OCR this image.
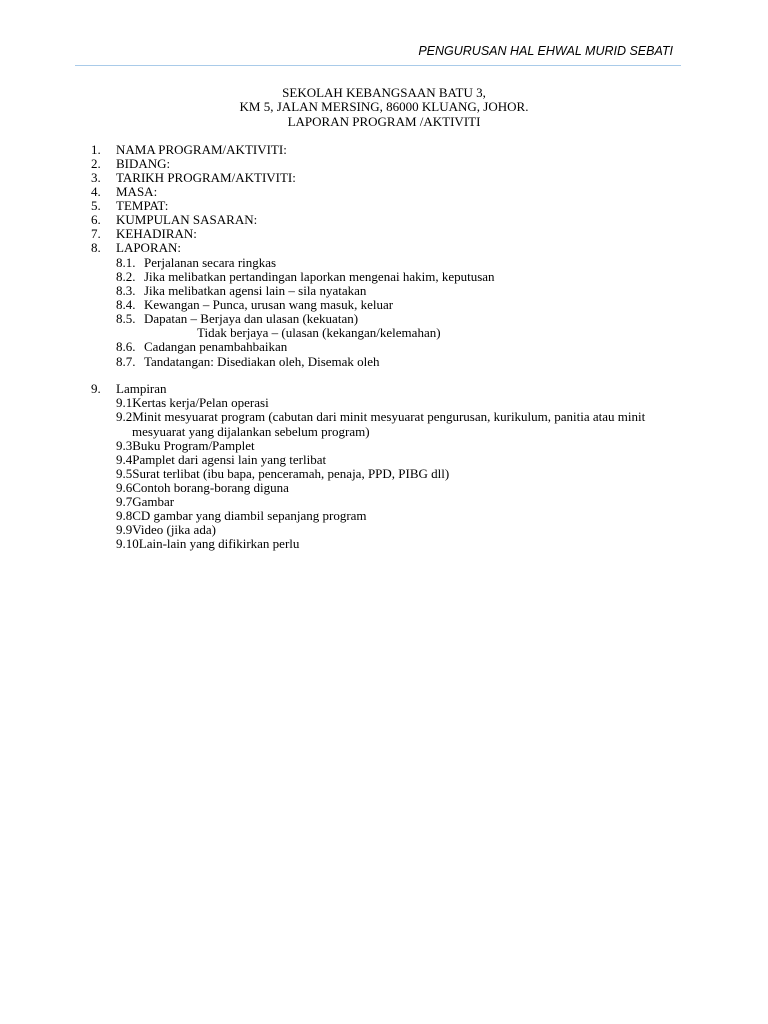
PENGURUSAN HAL EHWAL MURID SEBATI
SEKOLAH KEBANGSAAN BATU 3,
KM 5, JALAN MERSING, 86000 KLUANG, JOHOR.
LAPORAN PROGRAM /AKTIVITI
1. NAMA PROGRAM/AKTIVITI:
2. BIDANG:
3. TARIKH PROGRAM/AKTIVITI:
4. MASA:
5. TEMPAT:
6. KUMPULAN SASARAN:
7. KEHADIRAN:
8. LAPORAN:
8.1. Perjalanan secara ringkas
8.2. Jika melibatkan pertandingan laporkan mengenai hakim, keputusan
8.3. Jika melibatkan agensi lain – sila nyatakan
8.4. Kewangan – Punca, urusan wang masuk, keluar
8.5. Dapatan – Berjaya dan ulasan (kekuatan)
Tidak berjaya – (ulasan (kekangan/kelemahan)
8.6. Cadangan penambahbaikan
8.7. Tandatangan: Disediakan oleh, Disemak oleh
9. Lampiran
9.1Kertas kerja/Pelan operasi
9.2Minit mesyuarat program (cabutan dari minit mesyuarat pengurusan, kurikulum, panitia atau minit
mesyuarat yang dijalankan sebelum program)
9.3Buku Program/Pamplet
9.4Pamplet dari agensi lain yang terlibat
9.5Surat terlibat (ibu bapa, penceramah, penaja, PPD, PIBG dll)
9.6Contoh borang-borang diguna
9.7Gambar
9.8CD gambar yang diambil sepanjang program
9.9Video (jika ada)
9.10Lain-lain yang difikirkan perlu
